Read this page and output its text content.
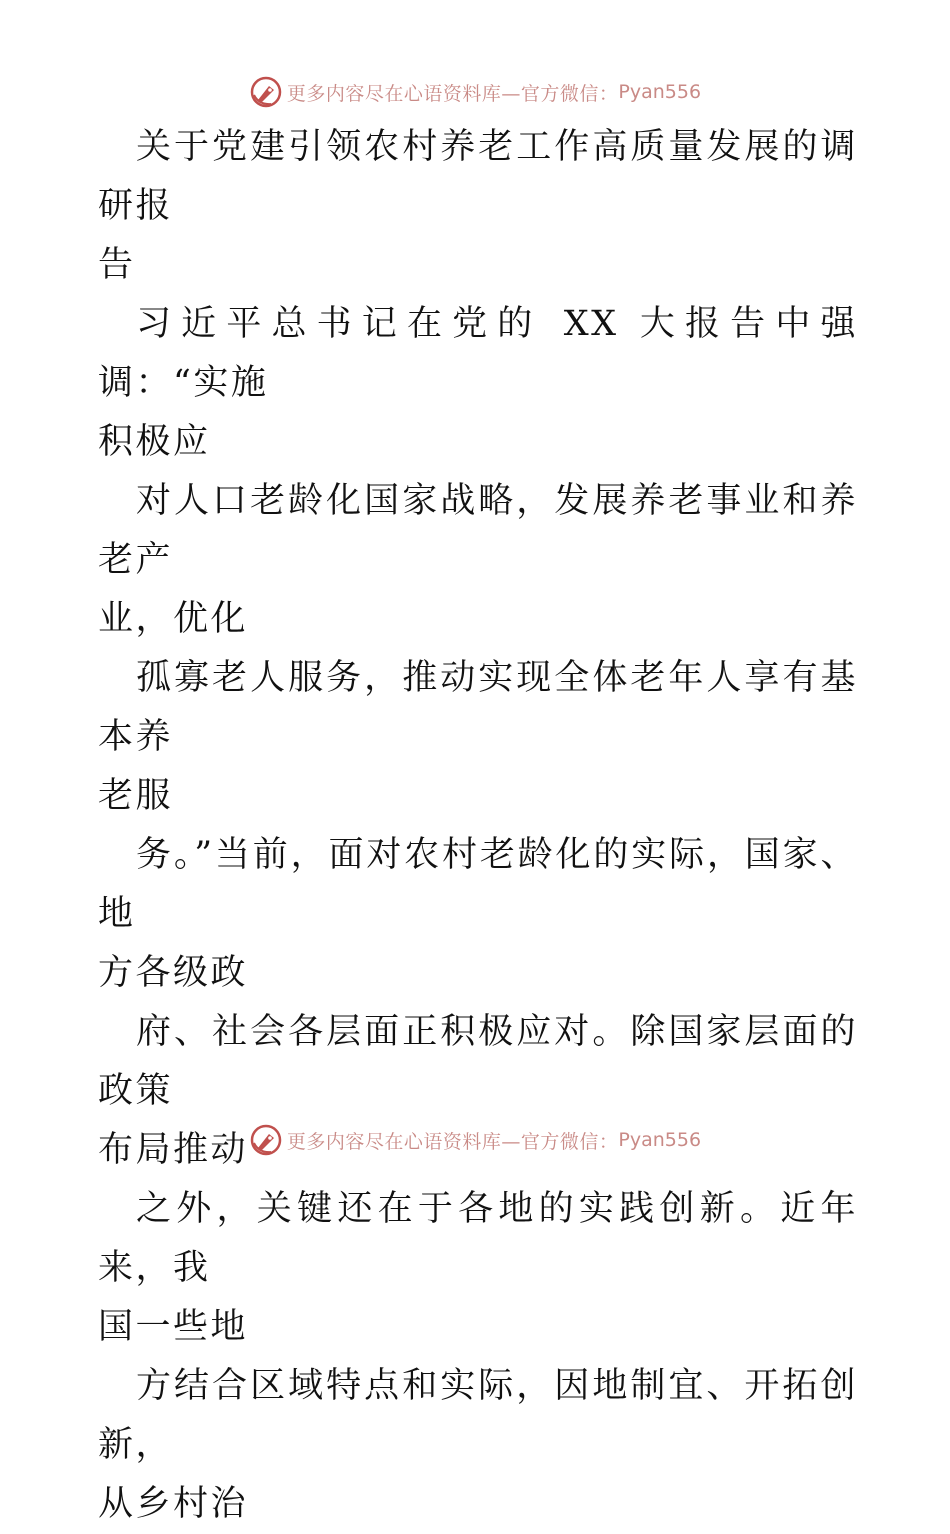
更多内容尽在心语资料库—官方微信： Pyan556

关于党建引领农村养老工作高质量发展的调研报
告

习近平总书记在党的 XX 大报告中强调：“实施
积极应

对人口老龄化国家战略，发展养老事业和养老产
业，优化

孤寡老人服务，推动实现全体老年人享有基本养
老服

务。”当前，面对农村老龄化的实际，国家、地
方各级政

府、社会各层面正积极应对。除国家层面的政策
布局推动

之外，关键还在于各地的实践创新。近年来，我
国一些地

方结合区域特点和实际，因地制宜、开拓创新，
从乡村治

更多内容尽在心语资料库—官方微信： Pyan556
